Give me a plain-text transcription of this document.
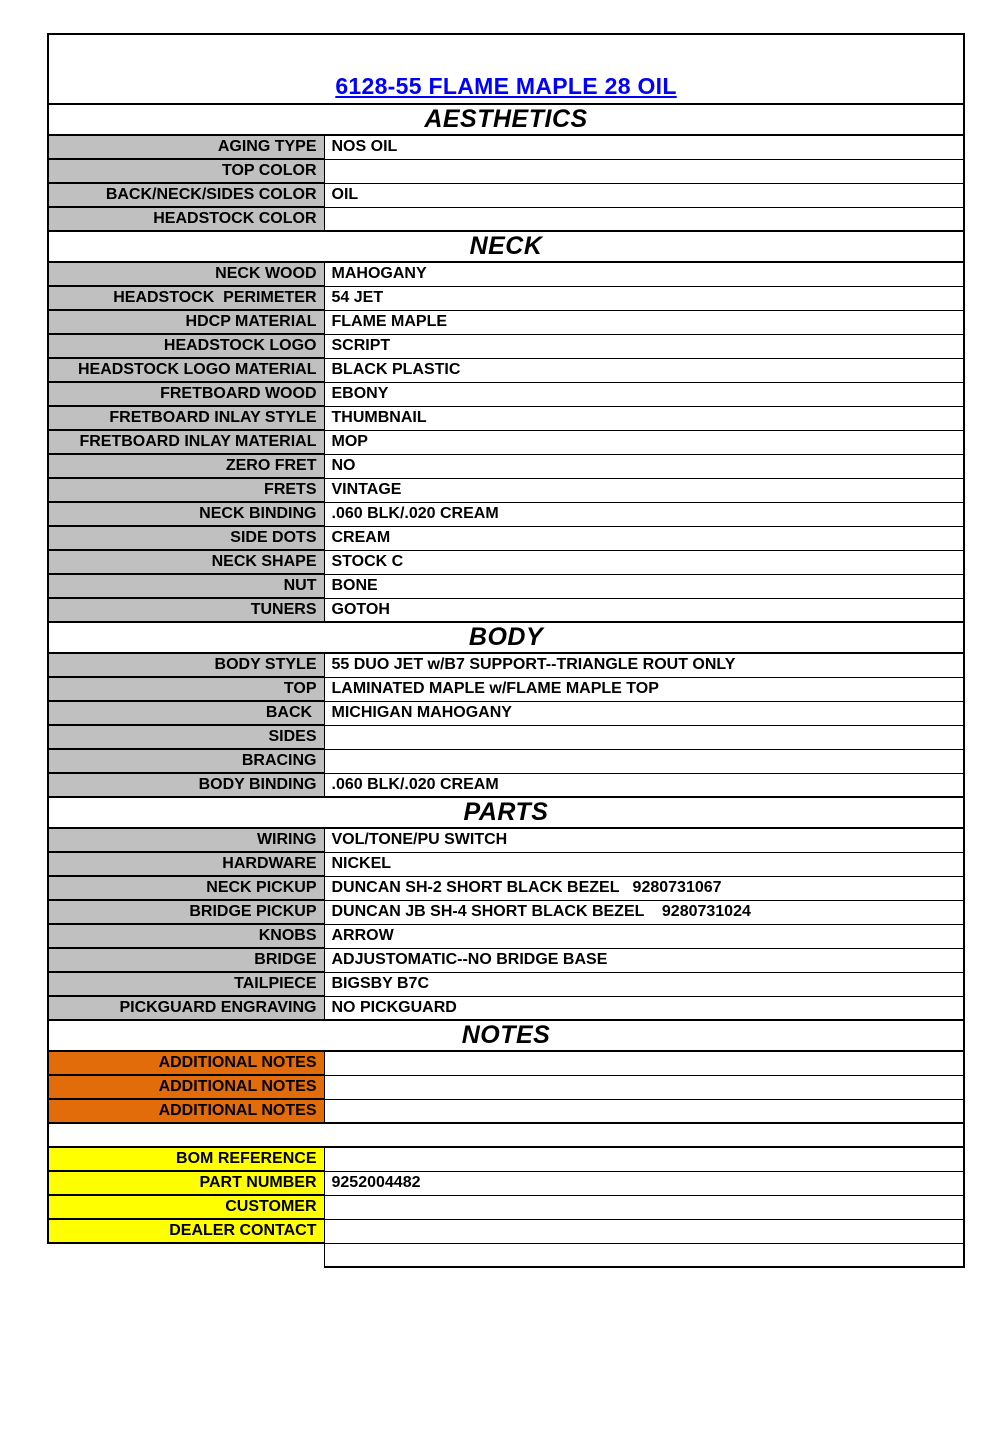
6128-55 FLAME MAPLE 28 OIL	
AESTHETICS	
AGING TYPE	NOS OIL
TOP COLOR	
BACK/NECK/SIDES COLOR	OIL
HEADSTOCK COLOR	
NECK	
NECK WOOD	MAHOGANY
HEADSTOCK  PERIMETER	54 JET
HDCP MATERIAL	FLAME MAPLE
HEADSTOCK LOGO	SCRIPT
HEADSTOCK LOGO MATERIAL	BLACK PLASTIC
FRETBOARD WOOD	EBONY
FRETBOARD INLAY STYLE	THUMBNAIL
FRETBOARD INLAY MATERIAL	MOP
ZERO FRET	NO
FRETS	VINTAGE
NECK BINDING	.060 BLK/.020 CREAM
SIDE DOTS	CREAM
NECK SHAPE	STOCK C
NUT	BONE
TUNERS	GOTOH
BODY	
BODY STYLE	55 DUO JET w/B7 SUPPORT--TRIANGLE ROUT ONLY
TOP	LAMINATED MAPLE w/FLAME MAPLE TOP
BACK	MICHIGAN MAHOGANY
SIDES	
BRACING	
BODY BINDING	.060 BLK/.020 CREAM
PARTS	
WIRING	VOL/TONE/PU SWITCH
HARDWARE	NICKEL
NECK PICKUP	DUNCAN SH-2 SHORT BLACK BEZEL   9280731067
BRIDGE PICKUP	DUNCAN JB SH-4 SHORT BLACK BEZEL    9280731024
KNOBS	ARROW
BRIDGE	ADJUSTOMATIC--NO BRIDGE BASE
TAILPIECE	BIGSBY B7C
PICKGUARD ENGRAVING	NO PICKGUARD
NOTES	
ADDITIONAL NOTES	
ADDITIONAL NOTES	
ADDITIONAL NOTES	

BOM REFERENCE	
PART NUMBER	9252004482
CUSTOMER	
DEALER CONTACT	
